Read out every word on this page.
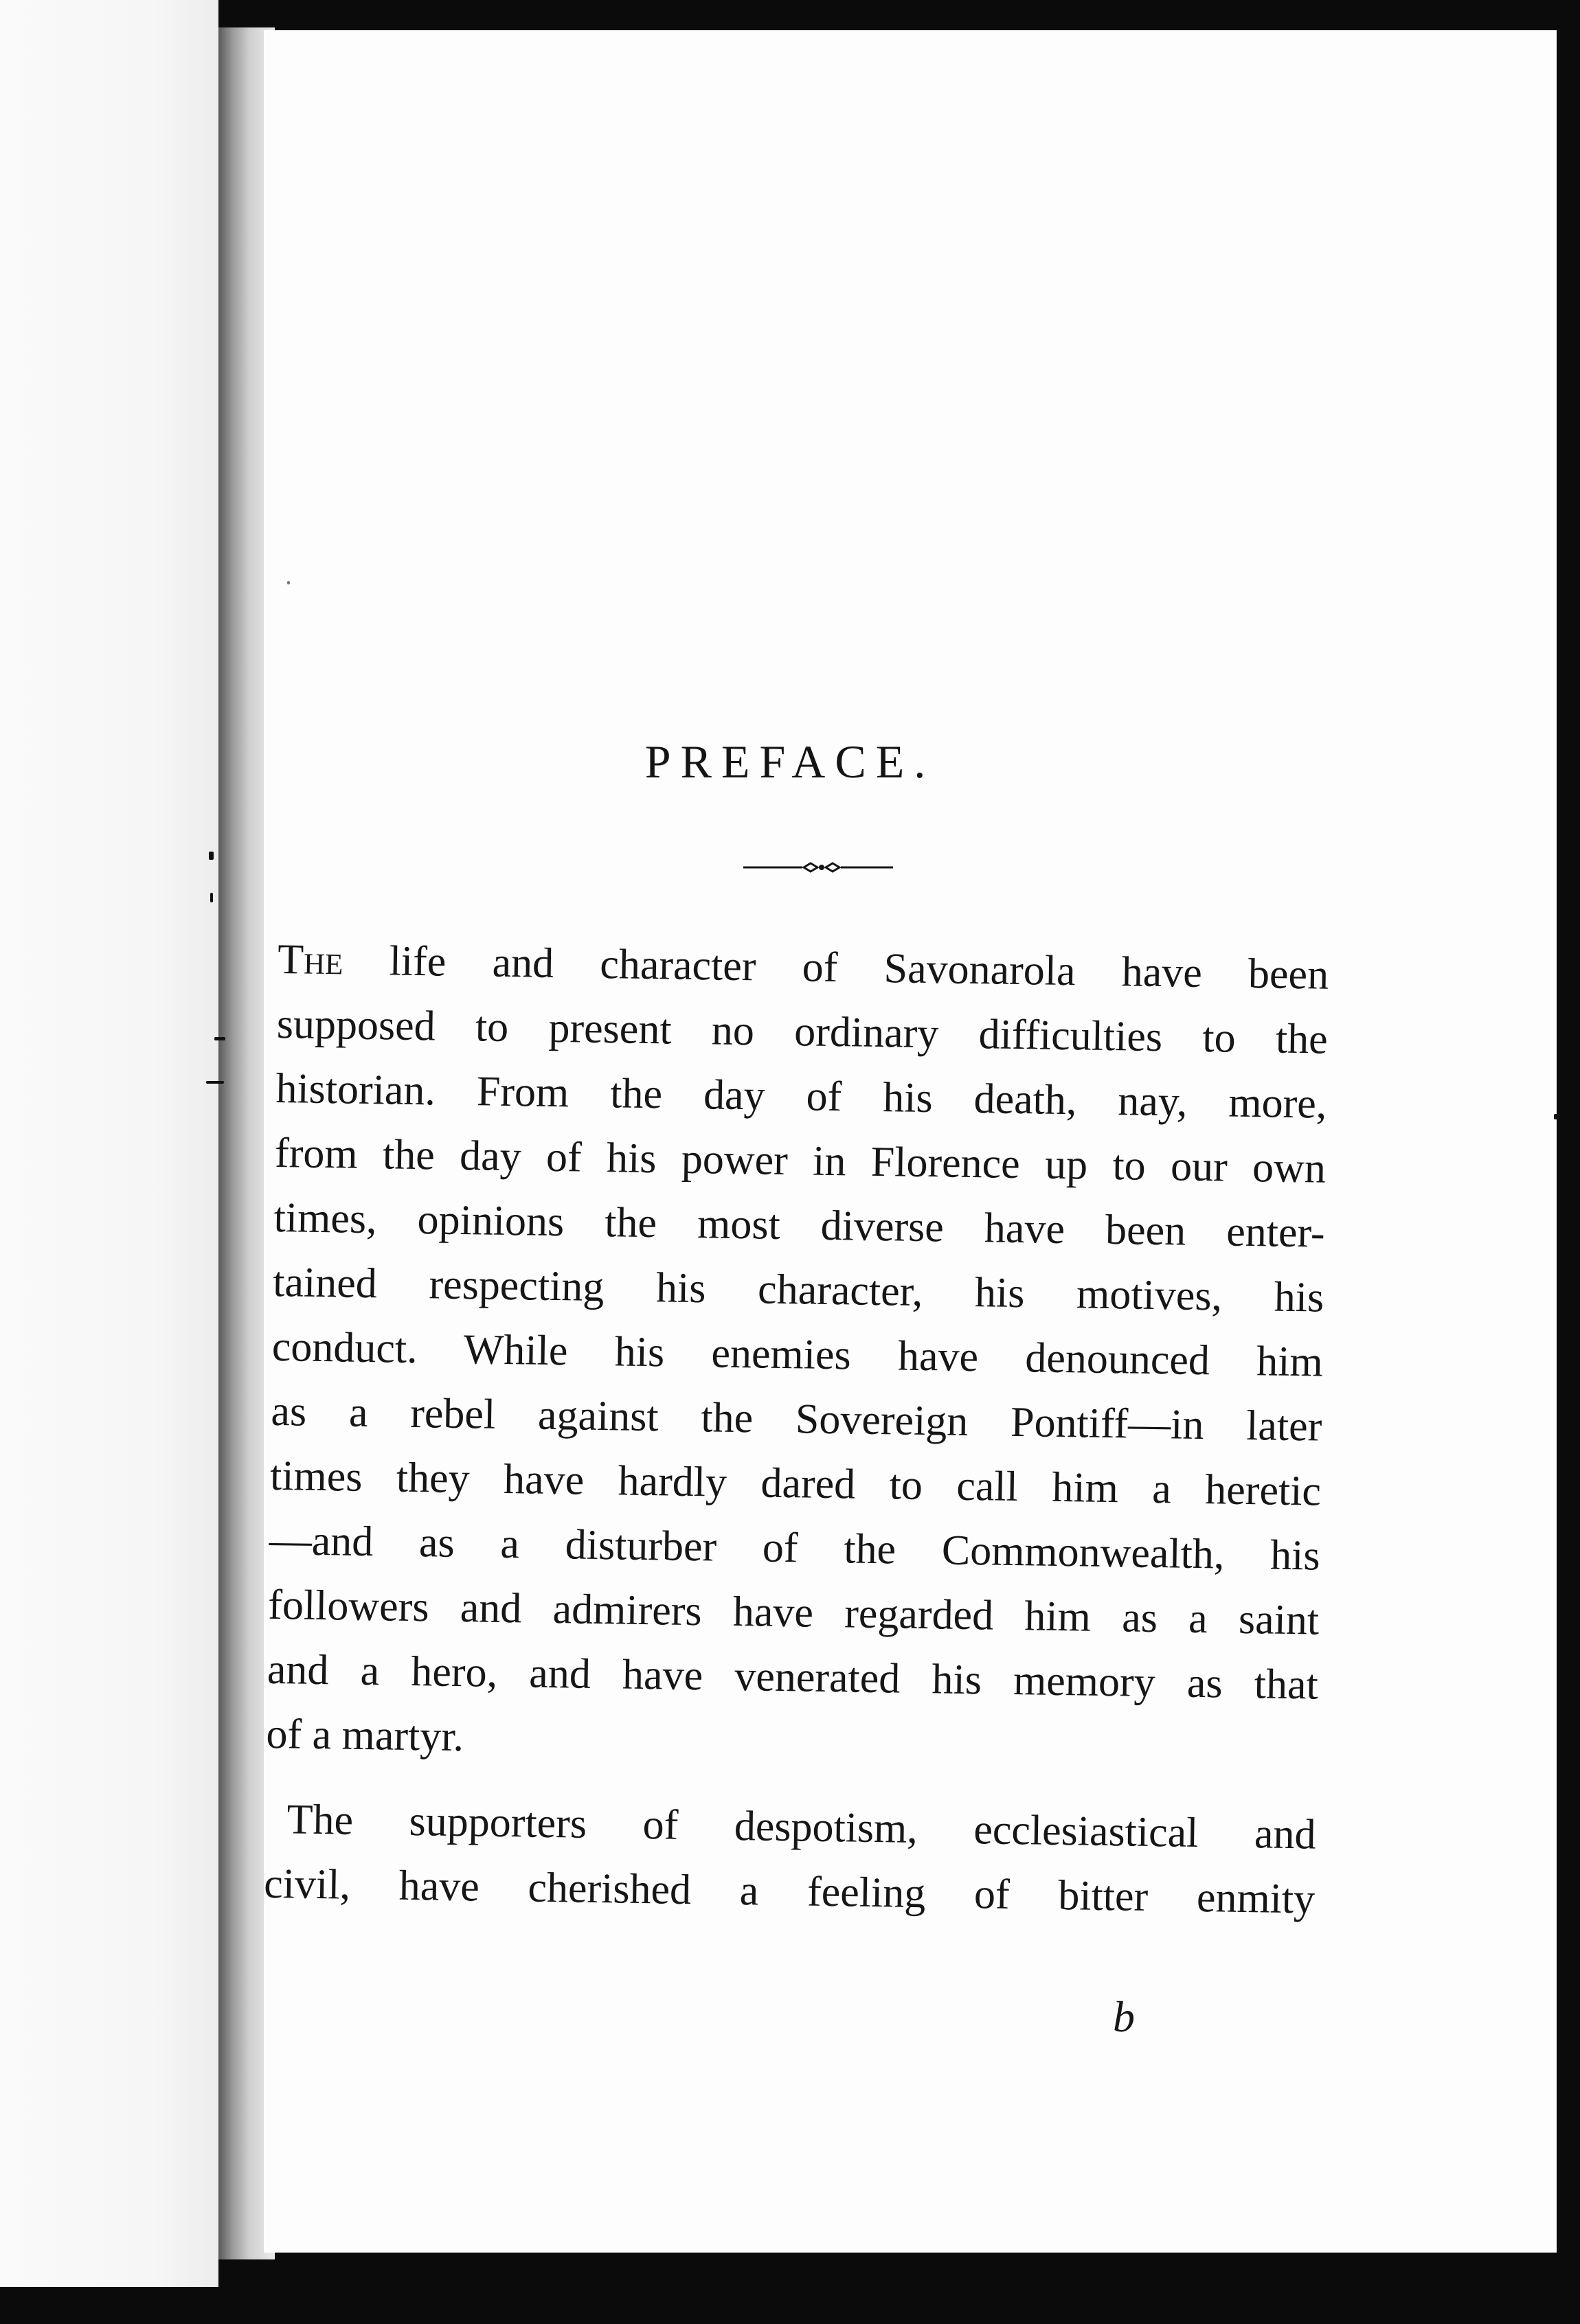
PREFACE.
The life and character of Savonarola have been
supposed to present no ordinary difficulties to the
historian. From the day of his death, nay, more,
from the day of his power in Florence up to our own
times, opinions the most diverse have been enter-
tained respecting his character, his motives, his
conduct. While his enemies have denounced him
as a rebel against the Sovereign Pontiff—in later
times they have hardly dared to call him a heretic
—and as a disturber of the Commonwealth, his
followers and admirers have regarded him as a saint
and a hero, and have venerated his memory as that
of a martyr.
The supporters of despotism, ecclesiastical and
civil, have cherished a feeling of bitter enmity
b
